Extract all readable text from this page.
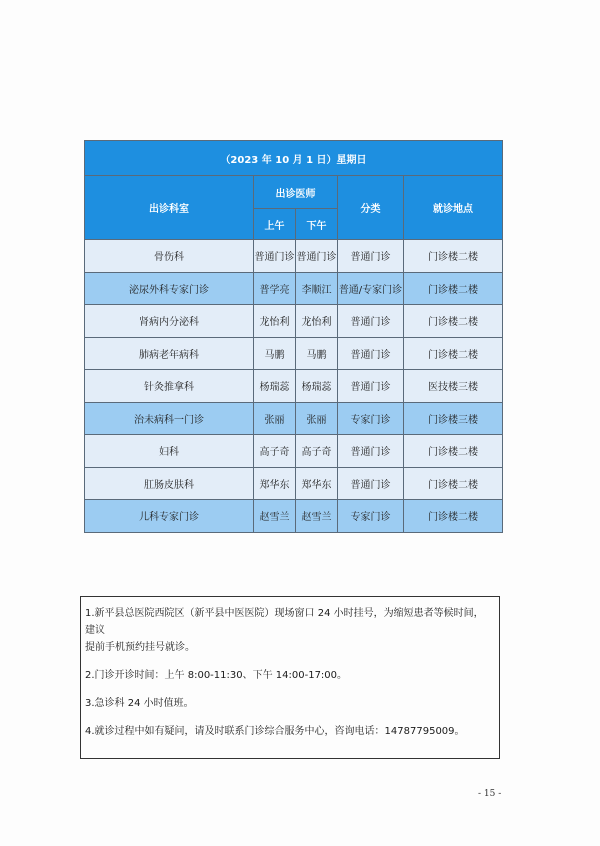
（2023 年 10 月 1 日）星期日				
出诊科室	出诊医师		分类	就诊地点
	上午	下午		
骨伤科	普通门诊	普通门诊	普通门诊	门诊楼二楼
泌尿外科专家门诊	普学亮	李顺江	普通/专家门诊	门诊楼二楼
肾病内分泌科	龙怡利	龙怡利	普通门诊	门诊楼二楼
肺病老年病科	马鹏	马鹏	普通门诊	门诊楼二楼
针灸推拿科	杨瑞蕊	杨瑞蕊	普通门诊	医技楼三楼
治未病科一门诊	张丽	张丽	专家门诊	门诊楼三楼
妇科	高子奇	高子奇	普通门诊	门诊楼二楼
肛肠皮肤科	郑华东	郑华东	普通门诊	门诊楼二楼
儿科专家门诊	赵雪兰	赵雪兰	专家门诊	门诊楼二楼

1.新平县总医院西院区（新平县中医医院）现场窗口 24 小时挂号，为缩短患者等候时间，建议
提前手机预约挂号就诊。

2.门诊开诊时间：上午 8:00-11:30、下午 14:00-17:00。

3.急诊科 24 小时值班。

4.就诊过程中如有疑问，请及时联系门诊综合服务中心，咨询电话：14787795009。

- 15 -
